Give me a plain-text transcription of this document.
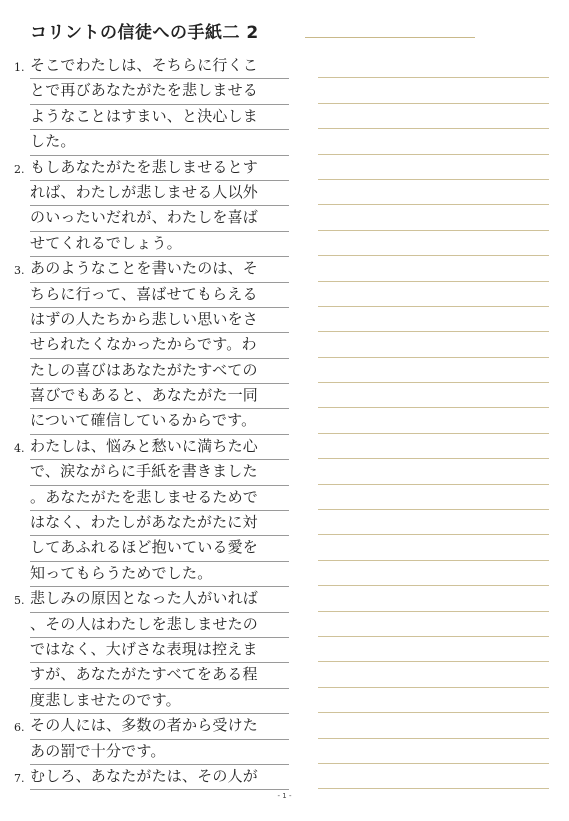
コリントの信徒への手紙二 2
1. そこでわたしは、そちらに行くこ
とで再びあなたがたを悲しませる
ようなことはすまい、と決心しま
した。
2. もしあなたがたを悲しませるとす
れば、わたしが悲しませる人以外
のいったいだれが、わたしを喜ば
せてくれるでしょう。
3. あのようなことを書いたのは、そ
ちらに行って、喜ばせてもらえる
はずの人たちから悲しい思いをさ
せられたくなかったからです。わ
たしの喜びはあなたがたすべての
喜びでもあると、あなたがた一同
について確信しているからです。
4. わたしは、悩みと愁いに満ちた心
で、涙ながらに手紙を書きました
。あなたがたを悲しませるためで
はなく、わたしがあなたがたに対
してあふれるほど抱いている愛を
知ってもらうためでした。
5. 悲しみの原因となった人がいれば
、その人はわたしを悲しませたの
ではなく、大げさな表現は控えま
すが、あなたがたすべてをある程
度悲しませたのです。
6. その人には、多数の者から受けた
あの罰で十分です。
7. むしろ、あなたがたは、その人が
- 1 -
